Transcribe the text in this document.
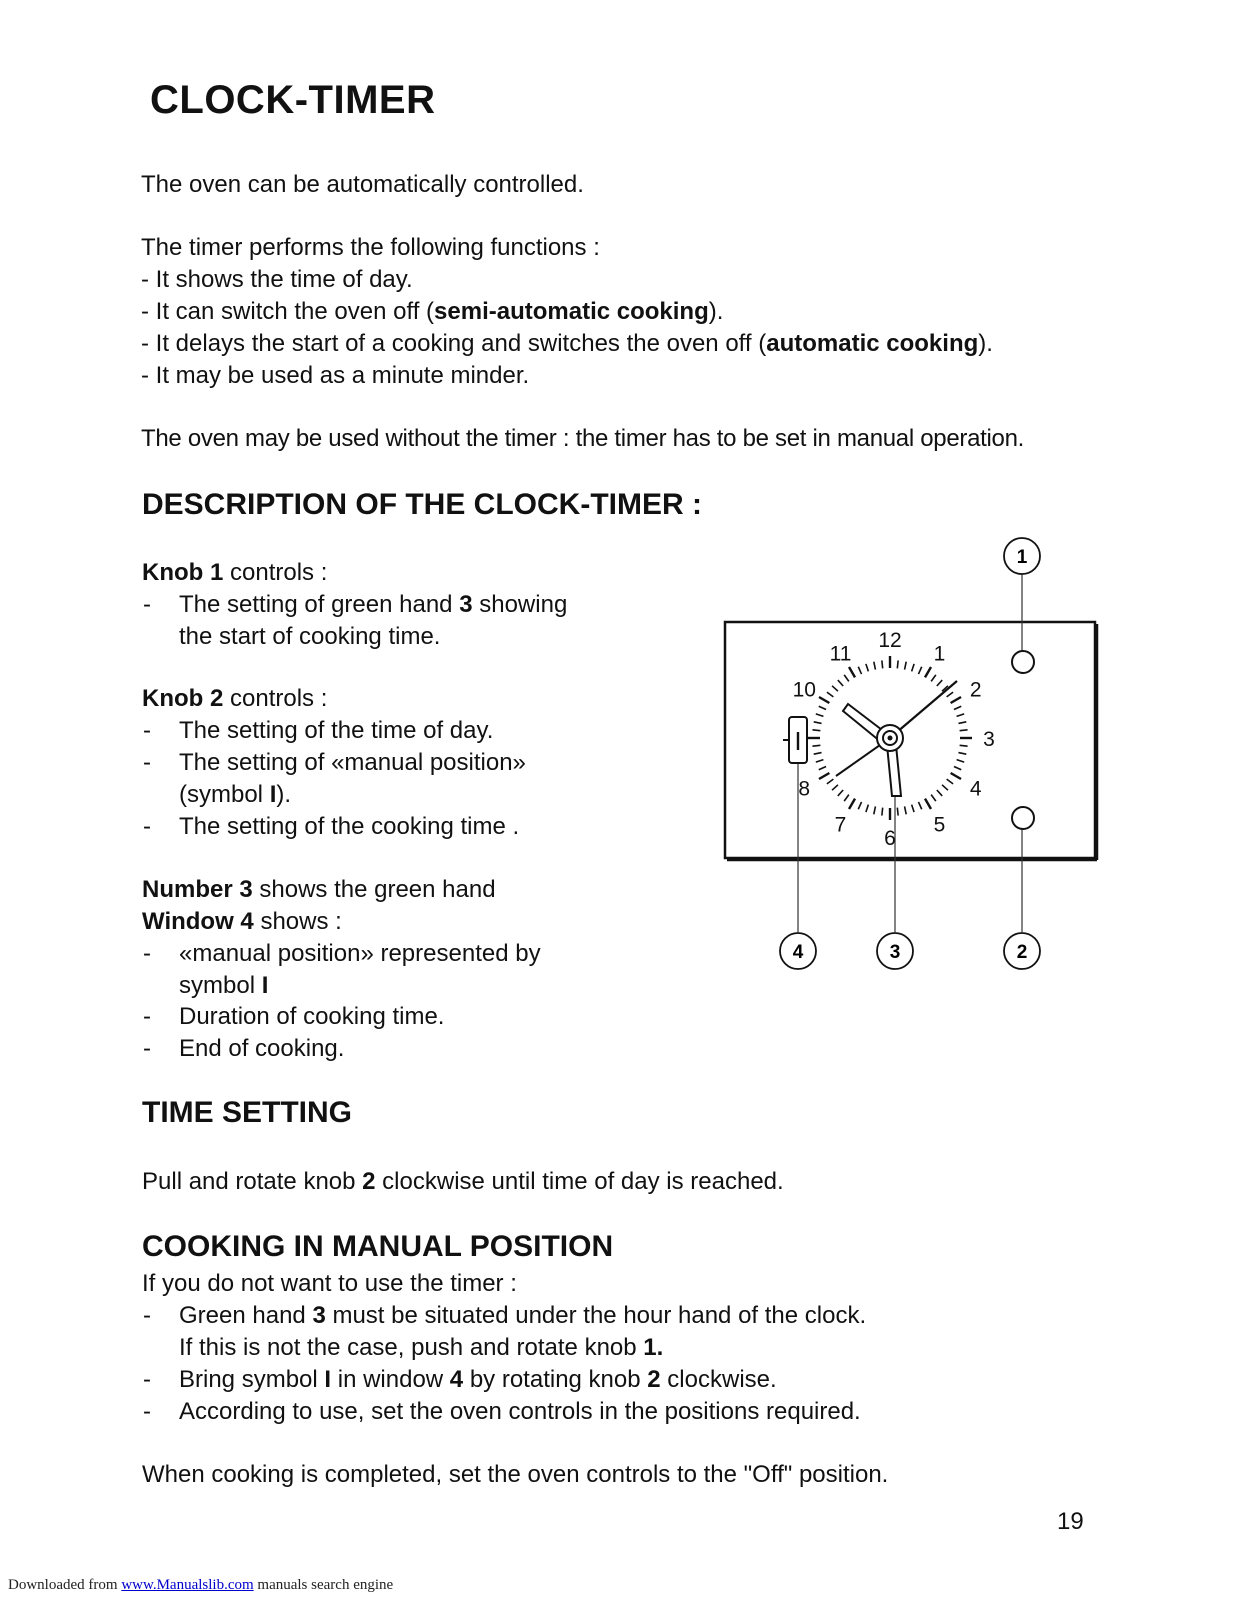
CLOCK-TIMER
The oven can be automatically controlled.
The timer performs the following functions :
- It shows the time of day.
- It can switch the oven off (semi-automatic cooking).
- It delays the start of a cooking and switches the oven off (automatic cooking).
- It may be used as a minute minder.
The oven may be used without the timer : the timer has to be set in manual operation.
DESCRIPTION OF THE CLOCK-TIMER :
Knob 1 controls :
- The setting of green hand 3 showing
the start of cooking time.
Knob 2 controls :
- The setting of the time of day.
- The setting of «manual position»
(symbol I).
- The setting of the cooking time .
Number 3 shows the green hand
Window 4 shows :
- «manual position» represented by
symbol I
- Duration of cooking time.
- End of cooking.
I
12
1
2
3
4
5
6
7
8
10
11
1
2
3
4
TIME SETTING
Pull and rotate knob 2 clockwise until time of day is reached.
COOKING IN MANUAL POSITION
If you do not want to use the timer :
- Green hand 3 must be situated under the hour hand of the clock.
If this is not the case, push and rotate knob 1.
- Bring symbol I in window 4 by rotating knob 2 clockwise.
- According to use, set the oven controls in the positions required.
When cooking is completed, set the oven controls to the "Off" position.
19
Downloaded from www.Manualslib.com manuals search engine
